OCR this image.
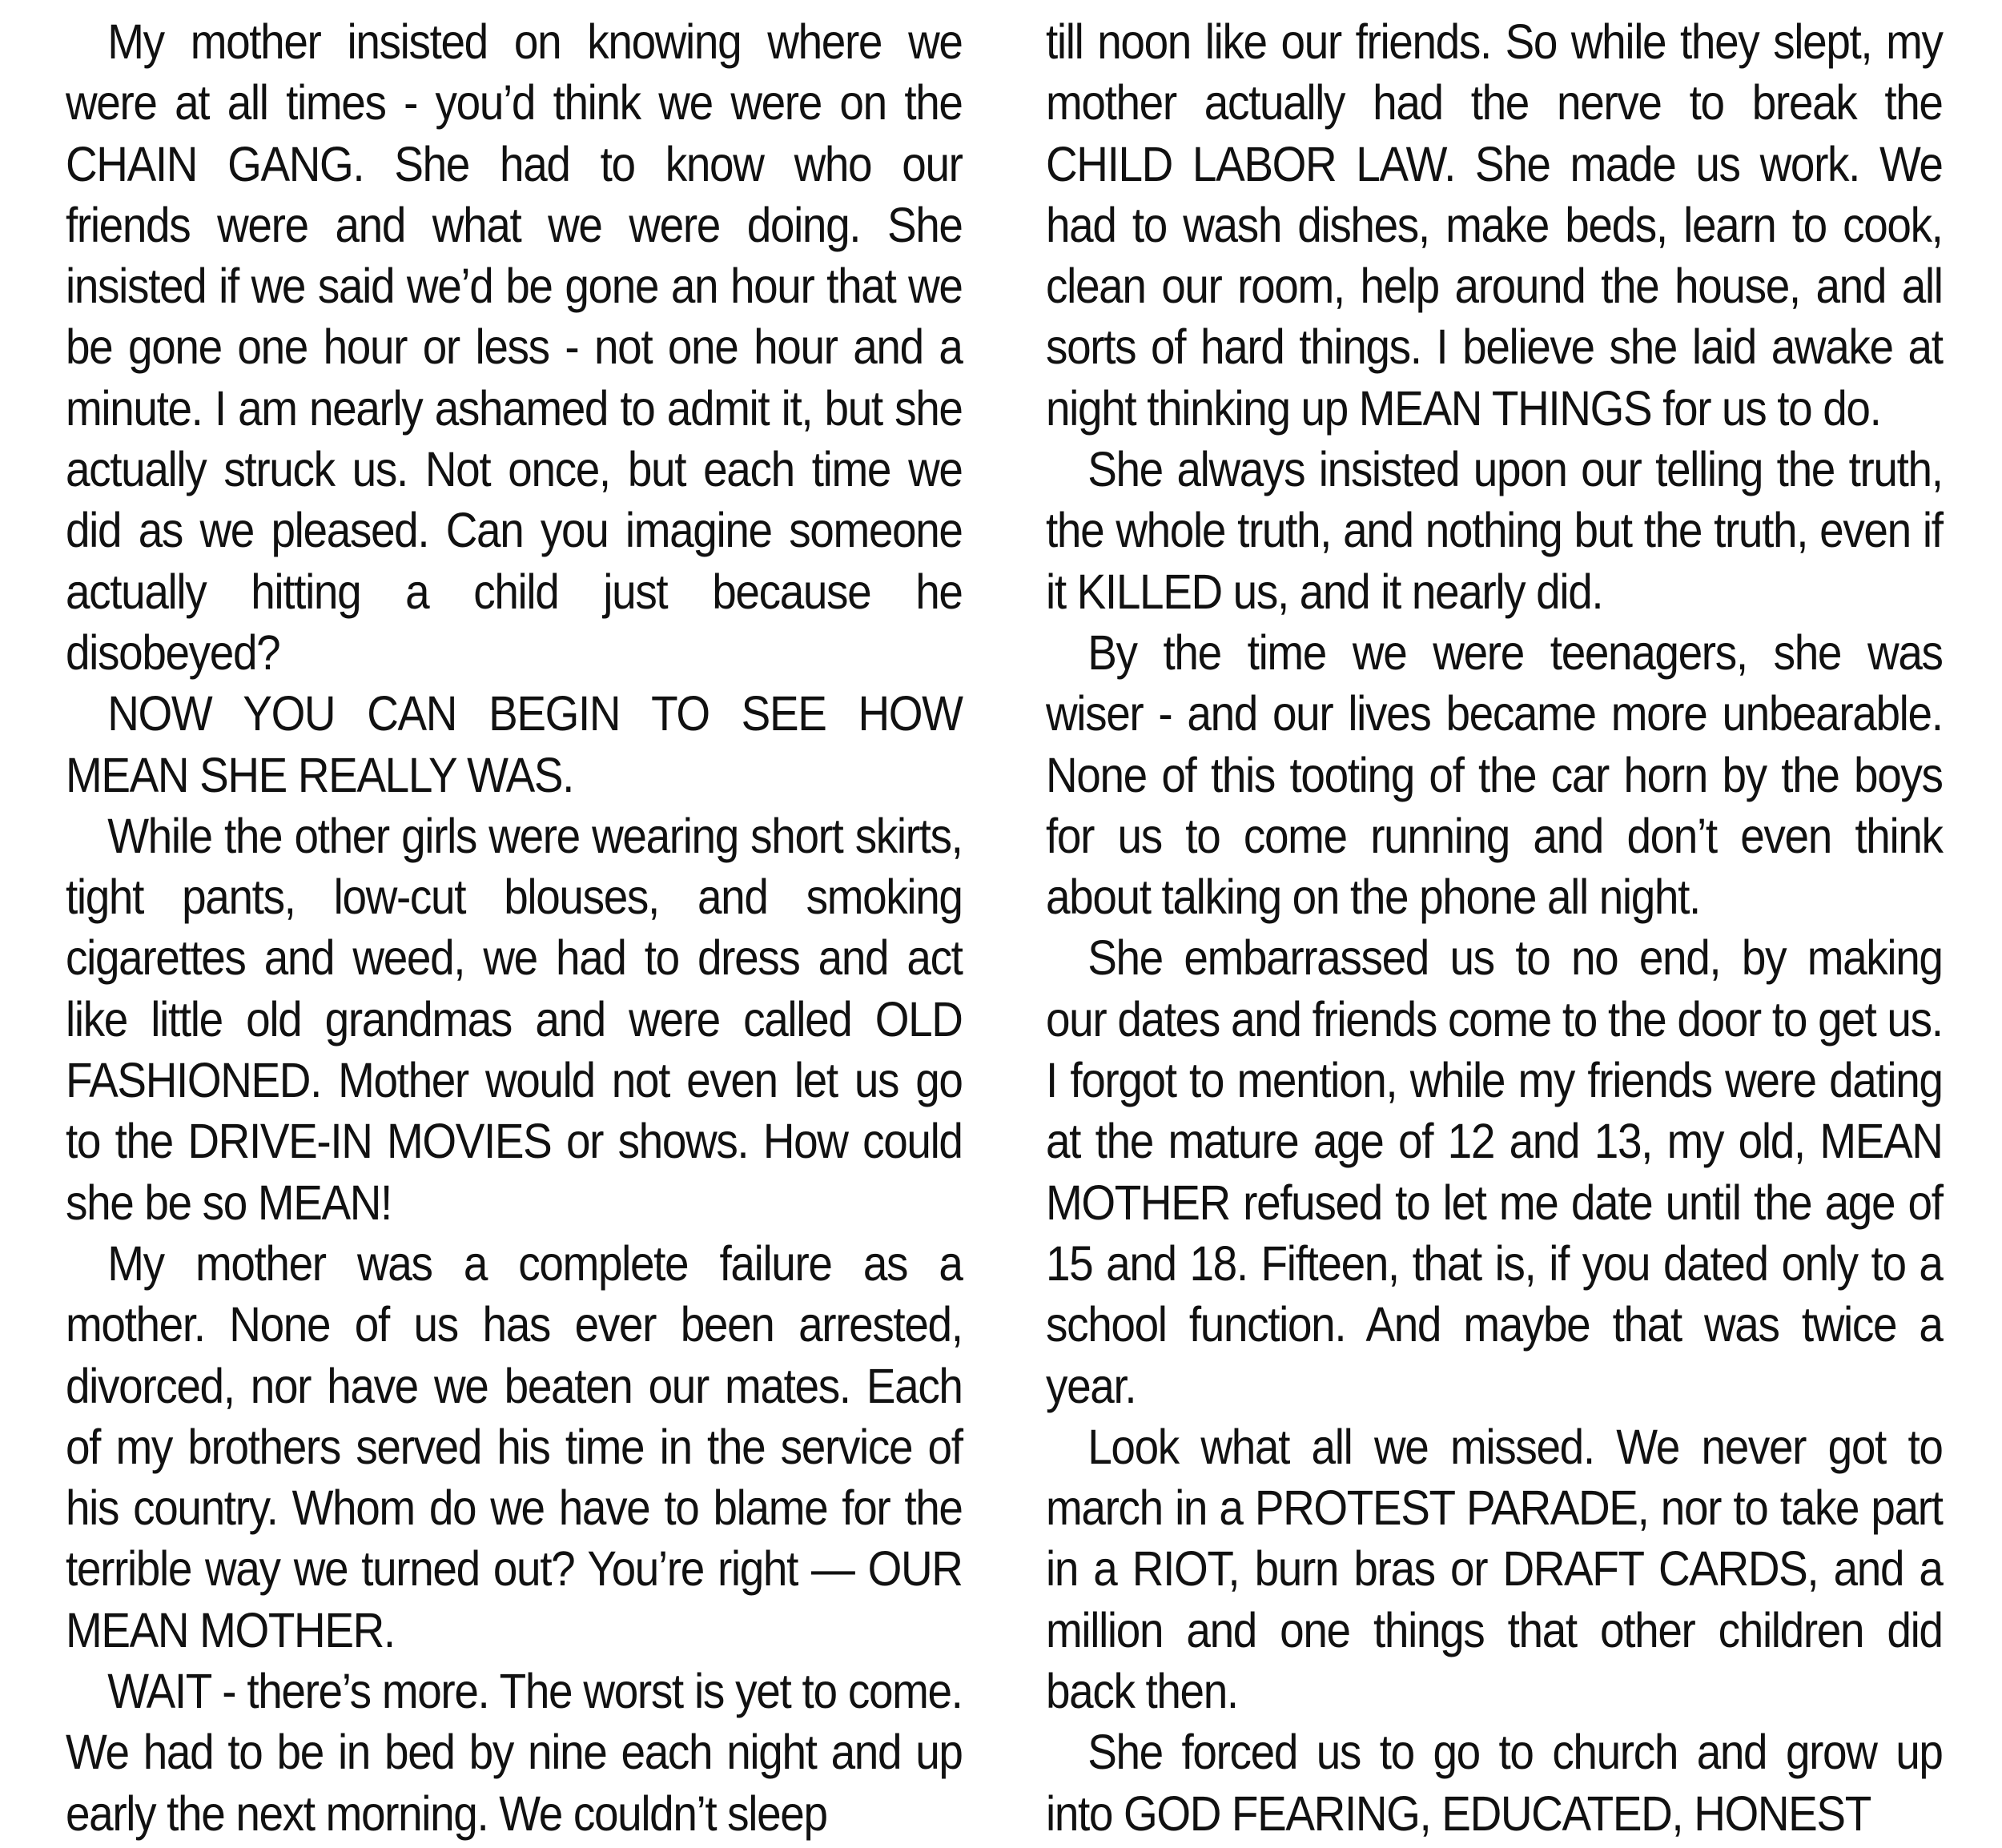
My mother insisted on knowing where we were at all times - you’d think we were on the CHAIN GANG. She had to know who our friends were and what we were doing. She insisted if we said we’d be gone an hour that we be gone one hour or less - not one hour and a minute. I am nearly ashamed to admit it, but she actually struck us. Not once, but each time we did as we pleased. Can you imagine someone actually hitting a child just because he disobeyed?

NOW YOU CAN BEGIN TO SEE HOW MEAN SHE REALLY WAS.

While the other girls were wearing short skirts, tight pants, low-cut blouses, and smoking cigarettes and weed, we had to dress and act like little old grandmas and were called OLD FASHIONED. Mother would not even let us go to the DRIVE-IN MOVIES or shows. How could she be so MEAN!

My mother was a complete failure as a mother. None of us has ever been arrested, divorced, nor have we beaten our mates. Each of my brothers served his time in the service of his country. Whom do we have to blame for the terrible way we turned out? You’re right — OUR MEAN MOTHER.

WAIT - there’s more. The worst is yet to come. We had to be in bed by nine each night and up early the next morning. We couldn’t sleep

till noon like our friends. So while they slept, my mother actually had the nerve to break the CHILD LABOR LAW. She made us work. We had to wash dishes, make beds, learn to cook, clean our room, help around the house, and all sorts of hard things. I believe she laid awake at night thinking up MEAN THINGS for us to do.

She always insisted upon our telling the truth, the whole truth, and nothing but the truth, even if it KILLED us, and it nearly did.

By the time we were teenagers, she was wiser - and our lives became more unbearable. None of this tooting of the car horn by the boys for us to come running and don’t even think about talking on the phone all night.

She embarrassed us to no end, by making our dates and friends come to the door to get us. I forgot to mention, while my friends were dating at the mature age of 12 and 13, my old, MEAN MOTHER refused to let me date until the age of 15 and 18. Fifteen, that is, if you dated only to a school function. And maybe that was twice a year.

Look what all we missed. We never got to march in a PROTEST PARADE, nor to take part in a RIOT, burn bras or DRAFT CARDS, and a million and one things that other children did back then.

She forced us to go to church and grow up into GOD FEARING, EDUCATED, HONEST
